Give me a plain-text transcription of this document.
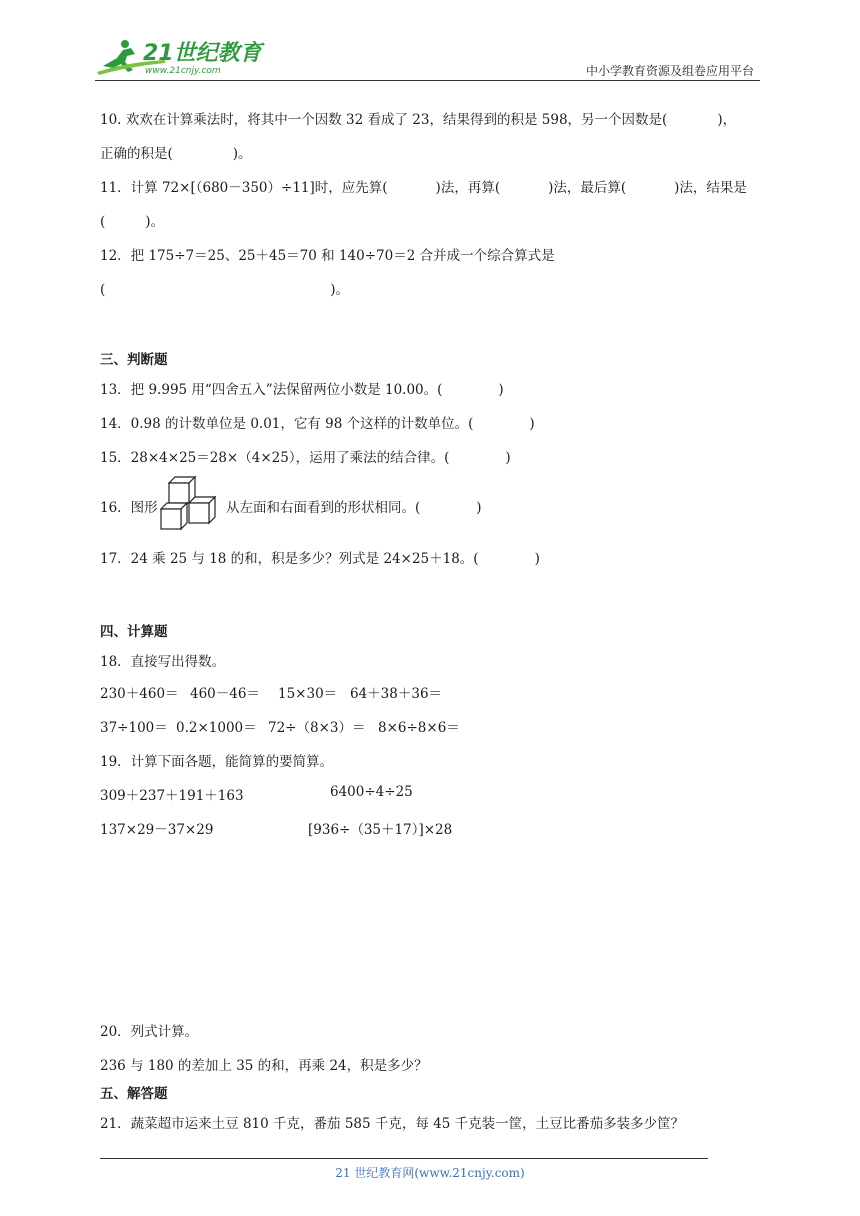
21世纪教育
www.21cnjy.com	中小学教育资源及组卷应用平台
10. 欢欢在计算乘法时，将其中一个因数 32 看成了 23，结果得到的积是 598，另一个因数是(	)，
正确的积是(	)。
11．计算 72×[（680－350）÷11]时，应先算(	)法，再算(	)法，最后算(	)法，结果是
(	)。
12．把 175÷7＝25、25＋45＝70 和 140÷70＝2 合并成一个综合算式是
(	)。
三、判断题
13．把 9.995 用“四舍五入”法保留两位小数是 10.00。(	)
14．0.98 的计数单位是 0.01，它有 98 个这样的计数单位。(	)
15．28×4×25＝28×（4×25），运用了乘法的结合律。(	)
16．图形	从左面和右面看到的形状相同。(	)
17．24 乘 25 与 18 的和，积是多少？列式是 24×25＋18。(	)
四、计算题
18．直接写出得数。
230＋460＝ 460－46＝ 15×30＝ 64＋38＋36＝
37÷100＝ 0.2×1000＝ 72÷（8×3）＝ 8×6÷8×6＝
19．计算下面各题，能简算的要简算。
309＋237＋191＋163	6400÷4÷25
137×29－37×29	[936÷（35＋17）]×28
20．列式计算。
236 与 180 的差加上 35 的和，再乘 24，积是多少？
五、解答题
21．蔬菜超市运来土豆 810 千克，番茄 585 千克，每 45 千克装一筐，土豆比番茄多装多少筐？
21 世纪教育网(www.21cnjy.com)
